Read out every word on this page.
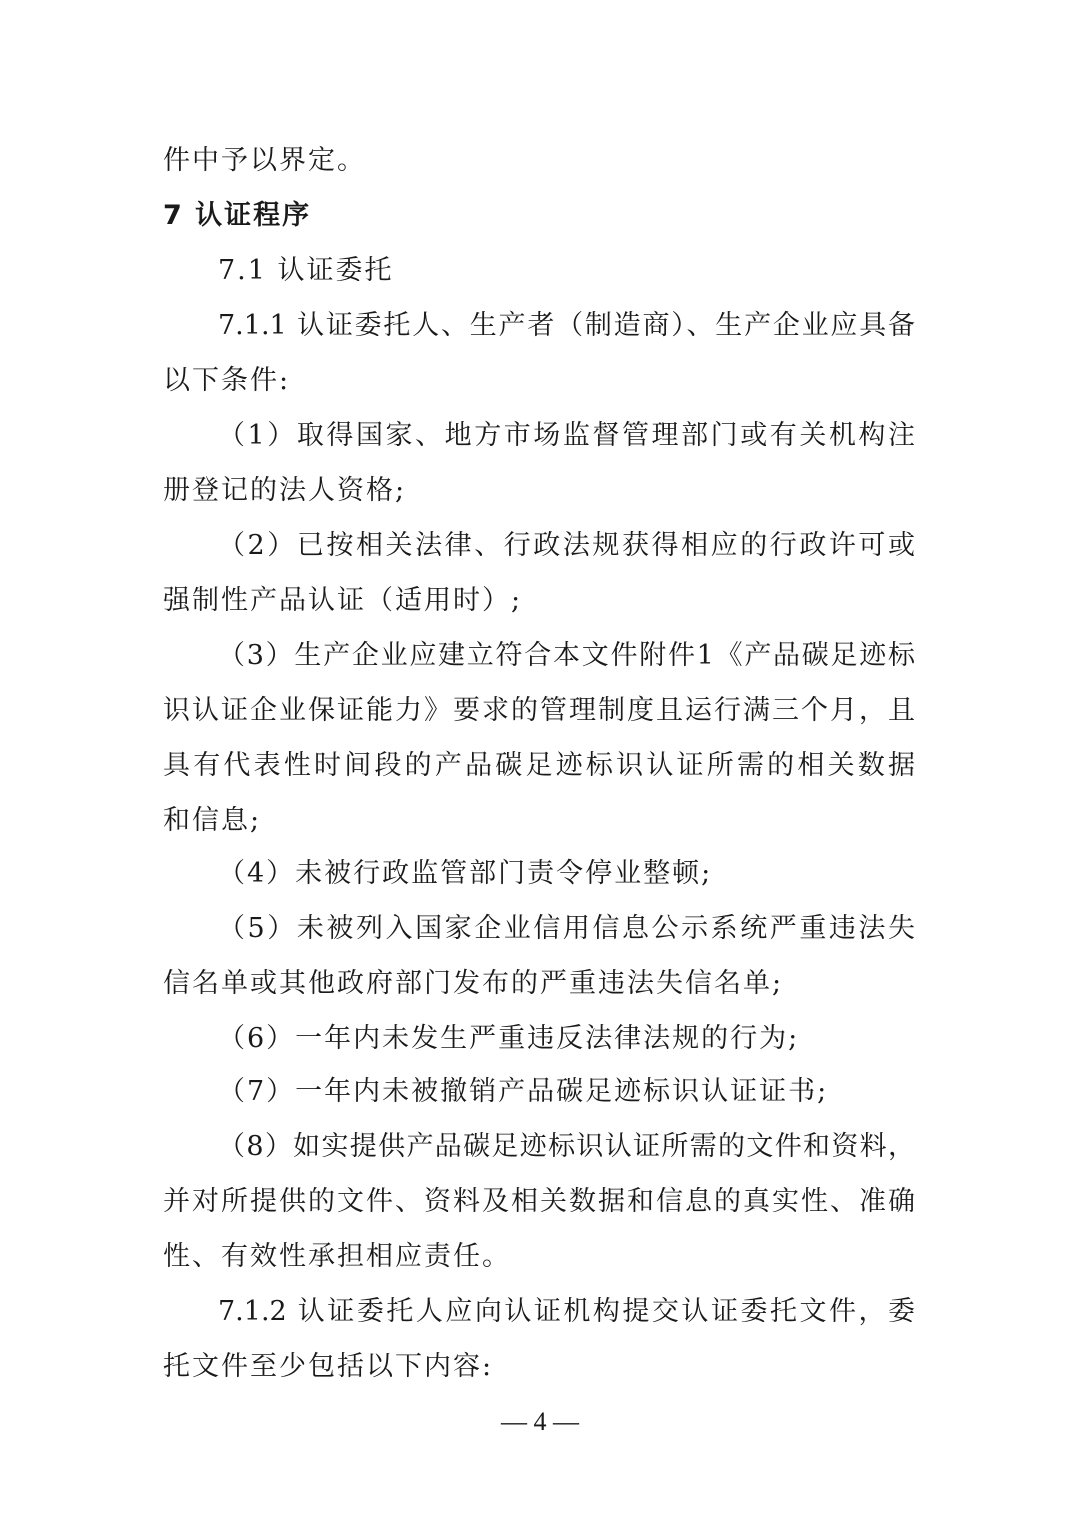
件中予以界定。
7 认证程序
7.1 认证委托
7.1.1 认证委托人、生产者（制造商）、生产企业应具备
以下条件:
（1）取得国家、地方市场监督管理部门或有关机构注
册登记的法人资格;
（2）已按相关法律、行政法规获得相应的行政许可或
强制性产品认证（适用时）;
（3）生产企业应建立符合本文件附件1《产品碳足迹标
识认证企业保证能力》要求的管理制度且运行满三个月，且
具有代表性时间段的产品碳足迹标识认证所需的相关数据
和信息;
（4）未被行政监管部门责令停业整顿;
（5）未被列入国家企业信用信息公示系统严重违法失
信名单或其他政府部门发布的严重违法失信名单;
（6）一年内未发生严重违反法律法规的行为;
（7）一年内未被撤销产品碳足迹标识认证证书;
（8）如实提供产品碳足迹标识认证所需的文件和资料，
并对所提供的文件、资料及相关数据和信息的真实性、准确
性、有效性承担相应责任。
7.1.2 认证委托人应向认证机构提交认证委托文件，委
托文件至少包括以下内容:
— 4 —
